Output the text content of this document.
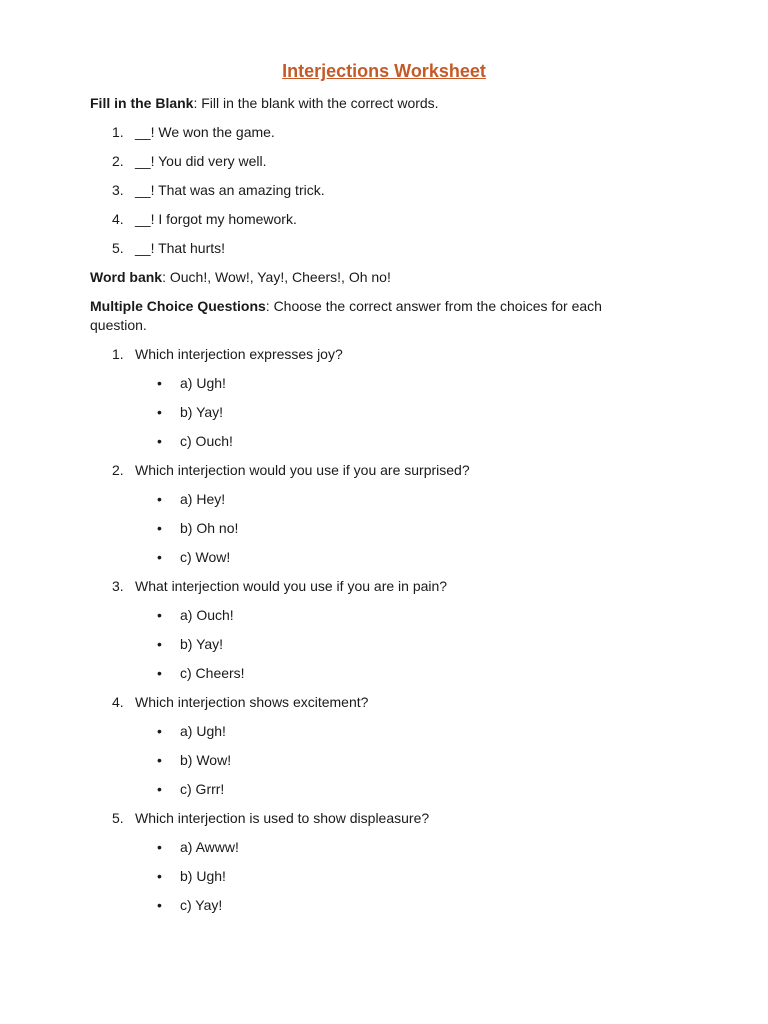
Interjections Worksheet

Fill in the Blank: Fill in the blank with the correct words.

1. __! We won the game.
2. __! You did very well.
3. __! That was an amazing trick.
4. __! I forgot my homework.
5. __! That hurts!

Word bank: Ouch!, Wow!, Yay!, Cheers!, Oh no!

Multiple Choice Questions: Choose the correct answer from the choices for each question.

1. Which interjection expresses joy?
• a) Ugh!
• b) Yay!
• c) Ouch!
2. Which interjection would you use if you are surprised?
• a) Hey!
• b) Oh no!
• c) Wow!
3. What interjection would you use if you are in pain?
• a) Ouch!
• b) Yay!
• c) Cheers!
4. Which interjection shows excitement?
• a) Ugh!
• b) Wow!
• c) Grrr!
5. Which interjection is used to show displeasure?
• a) Awww!
• b) Ugh!
• c) Yay!
